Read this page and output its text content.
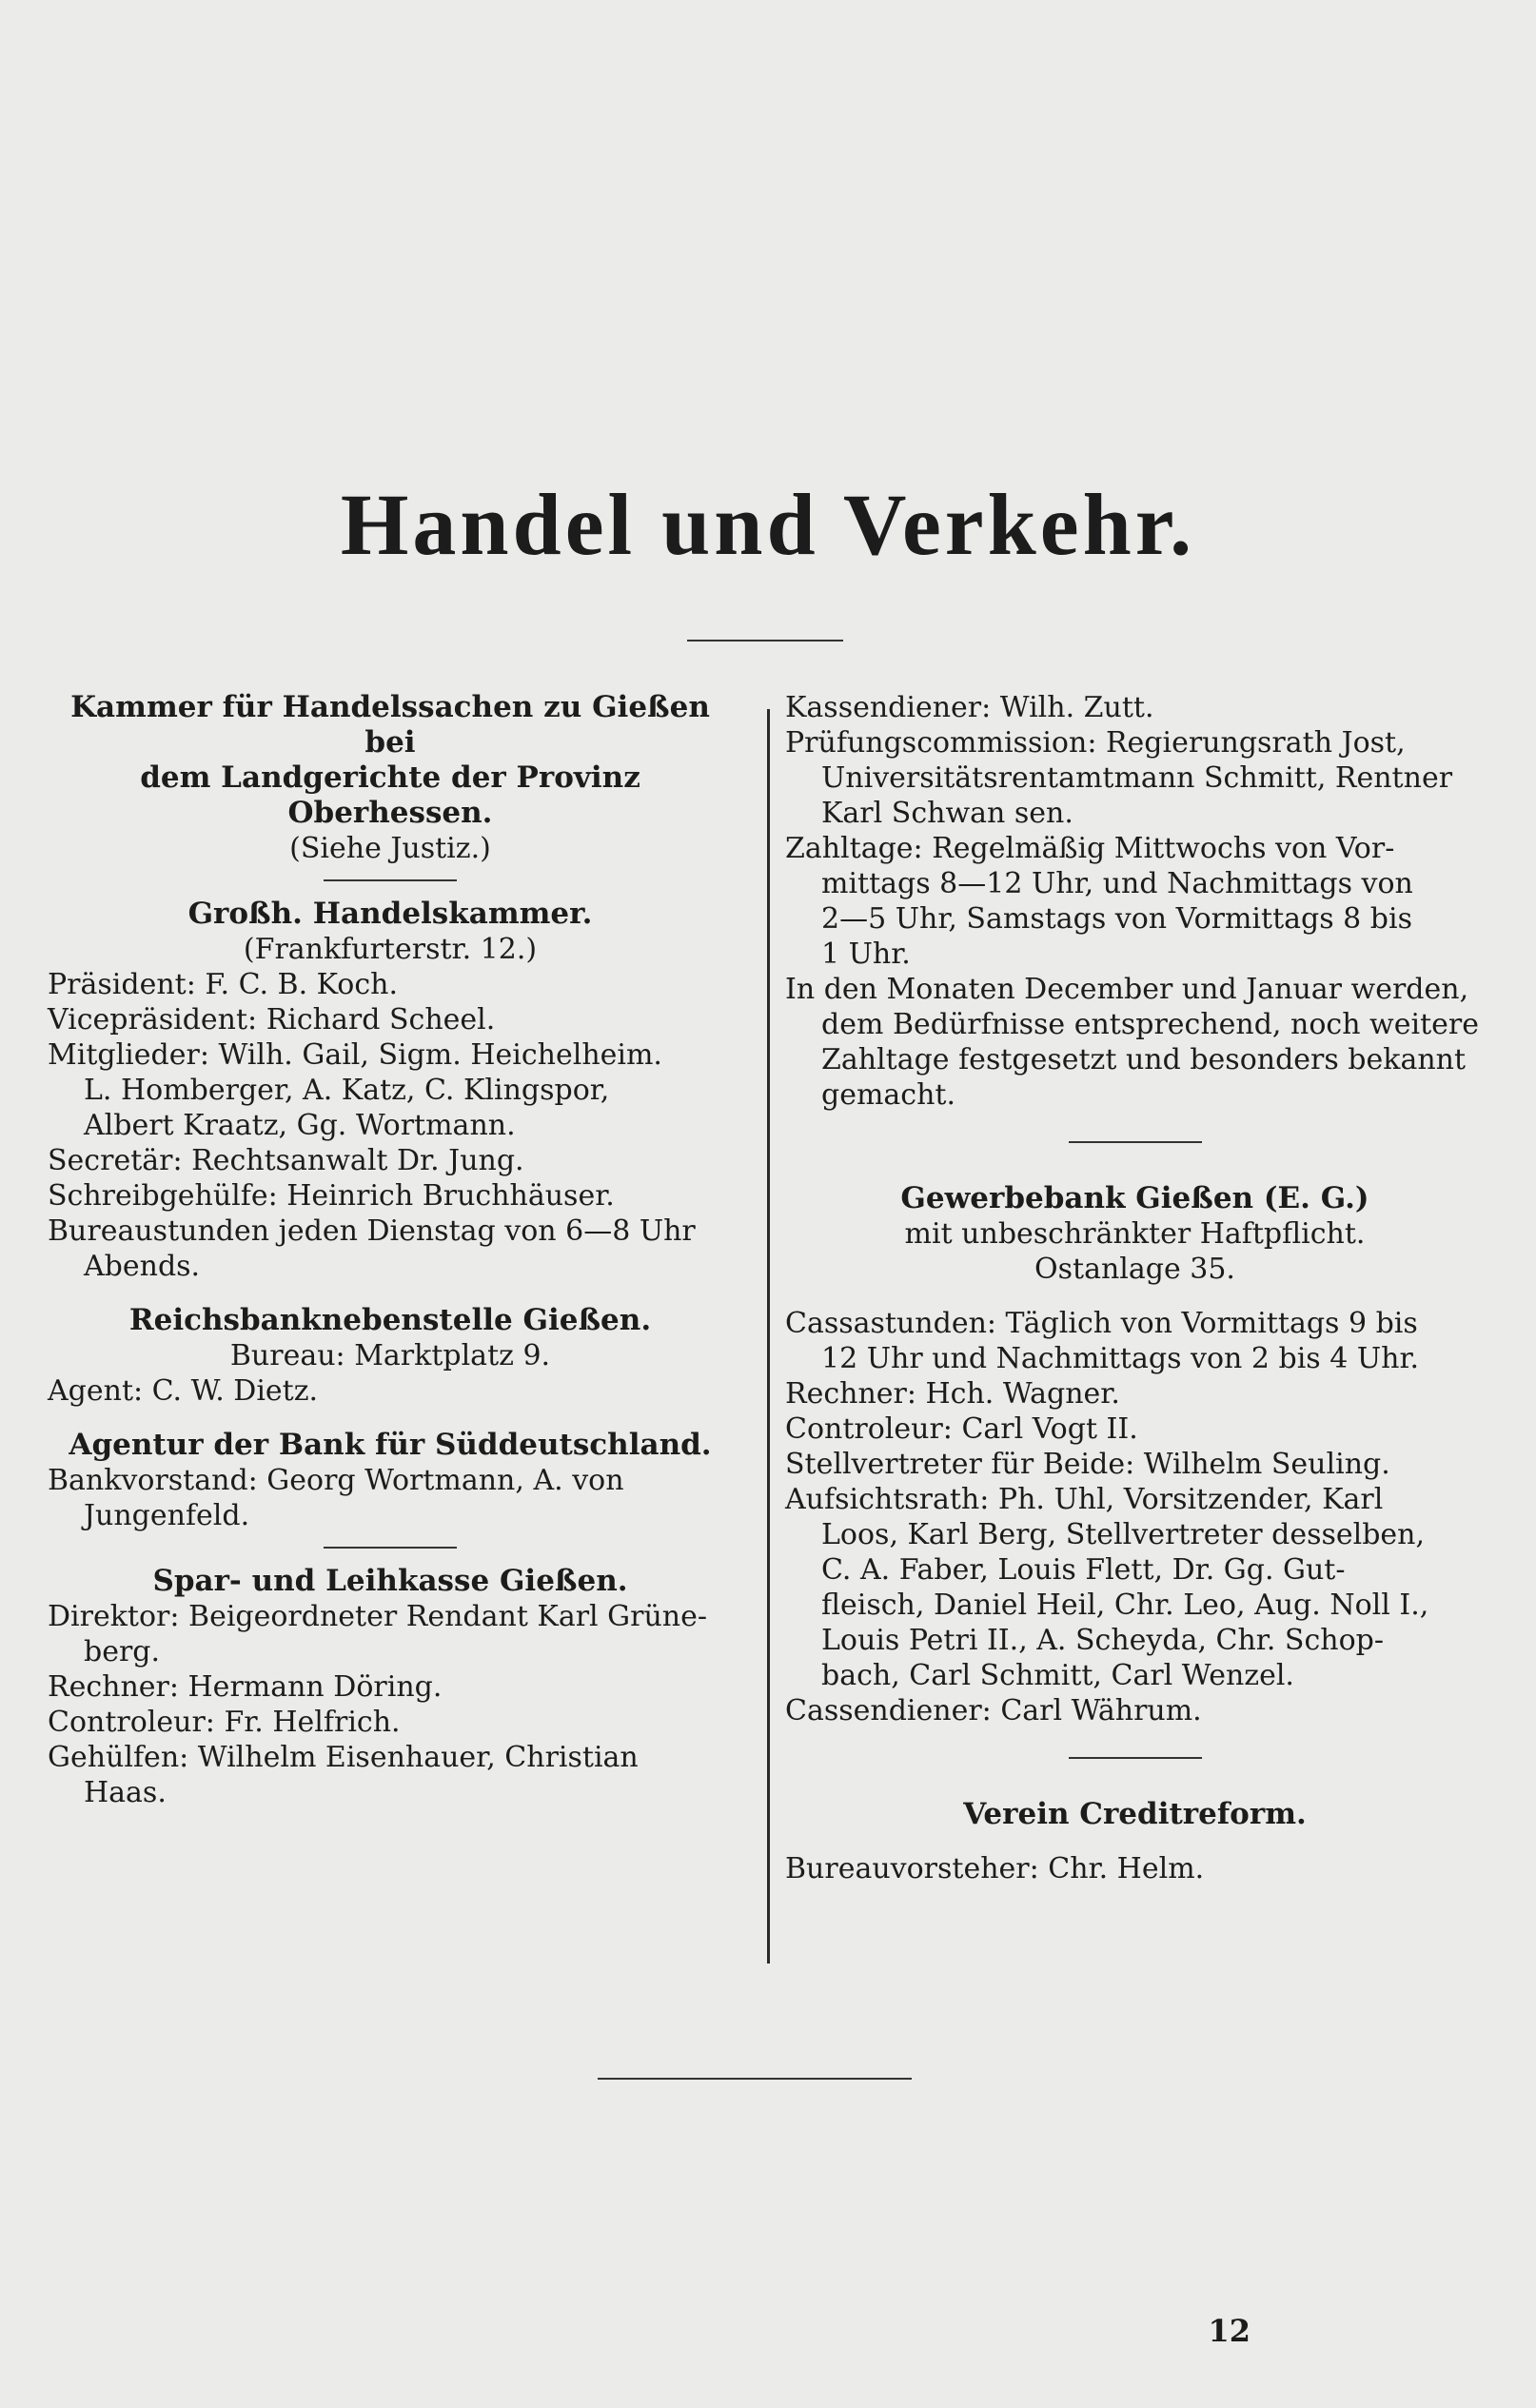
Handel und Verkehr.

Kammer für Handelssachen zu Gießen bei

dem Landgerichte der Provinz Oberhessen.

(Siehe Justiz.)

Großh. Handelskammer.

(Frankfurterstr. 12.)

Präsident: F. C. B. Koch.

Vicepräsident: Richard Scheel.

Mitglieder: Wilh. Gail, Sigm. Heichelheim.

L. Homberger, A. Katz, C. Klingspor,

Albert Kraatz, Gg. Wortmann.

Secretär: Rechtsanwalt Dr. Jung.

Schreibgehülfe: Heinrich Bruchhäuser.

Bureaustunden jeden Dienstag von 6—8 Uhr

Abends.

Reichsbanknebenstelle Gießen.

Bureau: Marktplatz 9.

Agent: C. W. Dietz.

Agentur der Bank für Süddeutschland.

Bankvorstand: Georg Wortmann, A. von

Jungenfeld.

Spar- und Leihkasse Gießen.

Direktor: Beigeordneter Rendant Karl Grüne-

berg.

Rechner: Hermann Döring.

Controleur: Fr. Helfrich.

Gehülfen: Wilhelm Eisenhauer, Christian

Haas.

Kassendiener: Wilh. Zutt.

Prüfungscommission: Regierungsrath Jost,

Universitätsrentamtmann Schmitt, Rentner

Karl Schwan sen.

Zahltage: Regelmäßig Mittwochs von Vor-

mittags 8—12 Uhr, und Nachmittags von

2—5 Uhr, Samstags von Vormittags 8 bis

1 Uhr.

In den Monaten December und Januar werden,

dem Bedürfnisse entsprechend, noch weitere

Zahltage festgesetzt und besonders bekannt

gemacht.

Gewerbebank Gießen (E. G.)

mit unbeschränkter Haftpflicht.

Ostanlage 35.

Cassastunden: Täglich von Vormittags 9 bis

12 Uhr und Nachmittags von 2 bis 4 Uhr.

Rechner: Hch. Wagner.

Controleur: Carl Vogt II.

Stellvertreter für Beide: Wilhelm Seuling.

Aufsichtsrath: Ph. Uhl, Vorsitzender, Karl

Loos, Karl Berg, Stellvertreter desselben,

C. A. Faber, Louis Flett, Dr. Gg. Gut-

fleisch, Daniel Heil, Chr. Leo, Aug. Noll I.,

Louis Petri II., A. Scheyda, Chr. Schop-

bach, Carl Schmitt, Carl Wenzel.

Cassendiener: Carl Währum.

Verein Creditreform.

Bureauvorsteher: Chr. Helm.

12
